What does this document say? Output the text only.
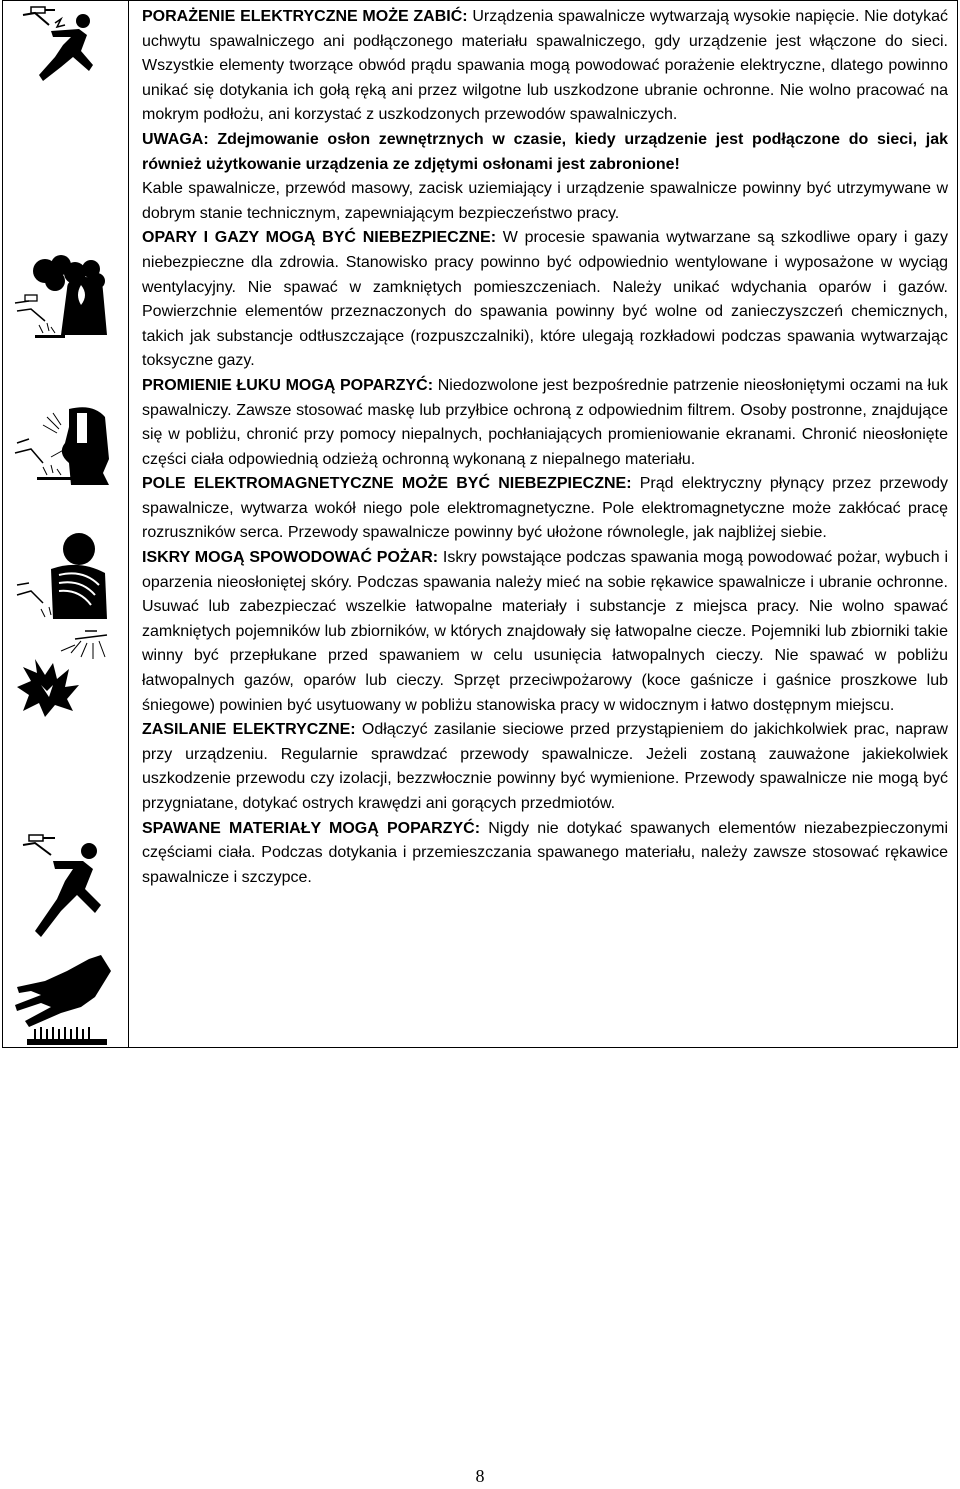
PORAŻENIE ELEKTRYCZNE MOŻE ZABIĆ: Urządzenia spawalnicze wytwarzają wysokie napięcie. Nie dotykać uchwytu spawalniczego ani podłączonego materiału spawalniczego, gdy urządzenie jest włączone do sieci. Wszystkie elementy tworzące obwód prądu spawania mogą powodować porażenie elektryczne, dlatego powinno unikać się dotykania ich gołą ręką ani przez wilgotne lub uszkodzone ubranie ochronne. Nie wolno pracować na mokrym podłożu, ani korzystać z uszkodzonych przewodów spawalniczych.

UWAGA: Zdejmowanie osłon zewnętrznych w czasie, kiedy urządzenie jest podłączone do sieci, jak również użytkowanie urządzenia ze zdjętymi osłonami jest zabronione!

Kable spawalnicze, przewód masowy, zacisk uziemiający i urządzenie spawalnicze powinny być utrzymywane w dobrym stanie technicznym, zapewniającym bezpieczeństwo pracy.

OPARY I GAZY MOGĄ BYĆ NIEBEZPIECZNE: W procesie spawania wytwarzane są szkodliwe opary i gazy niebezpieczne dla zdrowia. Stanowisko pracy powinno być odpowiednio wentylowane i wyposażone w wyciąg wentylacyjny. Nie spawać w zamkniętych pomieszczeniach. Należy unikać wdychania oparów i gazów. Powierzchnie elementów przeznaczonych do spawania powinny być wolne od zanieczyszczeń chemicznych, takich jak substancje odtłuszczające (rozpuszczalniki), które ulegają rozkładowi podczas spawania wytwarzając toksyczne gazy.

PROMIENIE ŁUKU MOGĄ POPARZYĆ: Niedozwolone jest bezpośrednie patrzenie nieosłoniętymi oczami na łuk spawalniczy. Zawsze stosować maskę lub przyłbice ochroną z odpowiednim filtrem. Osoby postronne, znajdujące się w pobliżu, chronić przy pomocy niepalnych, pochłaniających promieniowanie ekranami. Chronić nieosłonięte części ciała odpowiednią odzieżą ochronną wykonaną z niepalnego materiału.

POLE ELEKTROMAGNETYCZNE MOŻE BYĆ NIEBEZPIECZNE: Prąd elektryczny płynący przez przewody spawalnicze, wytwarza wokół niego pole elektromagnetyczne. Pole elektromagnetyczne może zakłócać pracę rozruszników serca. Przewody spawalnicze powinny być ułożone równolegle, jak najbliżej siebie.

ISKRY MOGĄ SPOWODOWAĆ POŻAR: Iskry powstające podczas spawania mogą powodować pożar, wybuch i oparzenia nieosłoniętej skóry. Podczas spawania należy mieć na sobie rękawice spawalnicze i ubranie ochronne. Usuwać lub zabezpieczać wszelkie łatwopalne materiały i substancje z miejsca pracy. Nie wolno spawać zamkniętych pojemników lub zbiorników, w których znajdowały się łatwopalne ciecze. Pojemniki lub zbiorniki takie winny być przepłukane przed spawaniem w celu usunięcia łatwopalnych cieczy. Nie spawać w pobliżu łatwopalnych gazów, oparów lub cieczy. Sprzęt przeciwpożarowy (koce gaśnicze i gaśnice proszkowe lub śniegowe) powinien być usytuowany w pobliżu stanowiska pracy w widocznym i łatwo dostępnym miejscu.

ZASILANIE ELEKTRYCZNE: Odłączyć zasilanie sieciowe przed przystąpieniem do jakichkolwiek prac, napraw przy urządzeniu. Regularnie sprawdzać przewody spawalnicze. Jeżeli zostaną zauważone jakiekolwiek uszkodzenie przewodu czy izolacji, bezzwłocznie powinny być wymienione. Przewody spawalnicze nie mogą być przygniatane, dotykać ostrych krawędzi ani gorących przedmiotów.

SPAWANE MATERIAŁY MOGĄ POPARZYĆ: Nigdy nie dotykać spawanych elementów niezabezpieczonymi częściami ciała. Podczas dotykania i przemieszczania spawanego materiału, należy zawsze stosować rękawice spawalnicze i szczypce.

8
